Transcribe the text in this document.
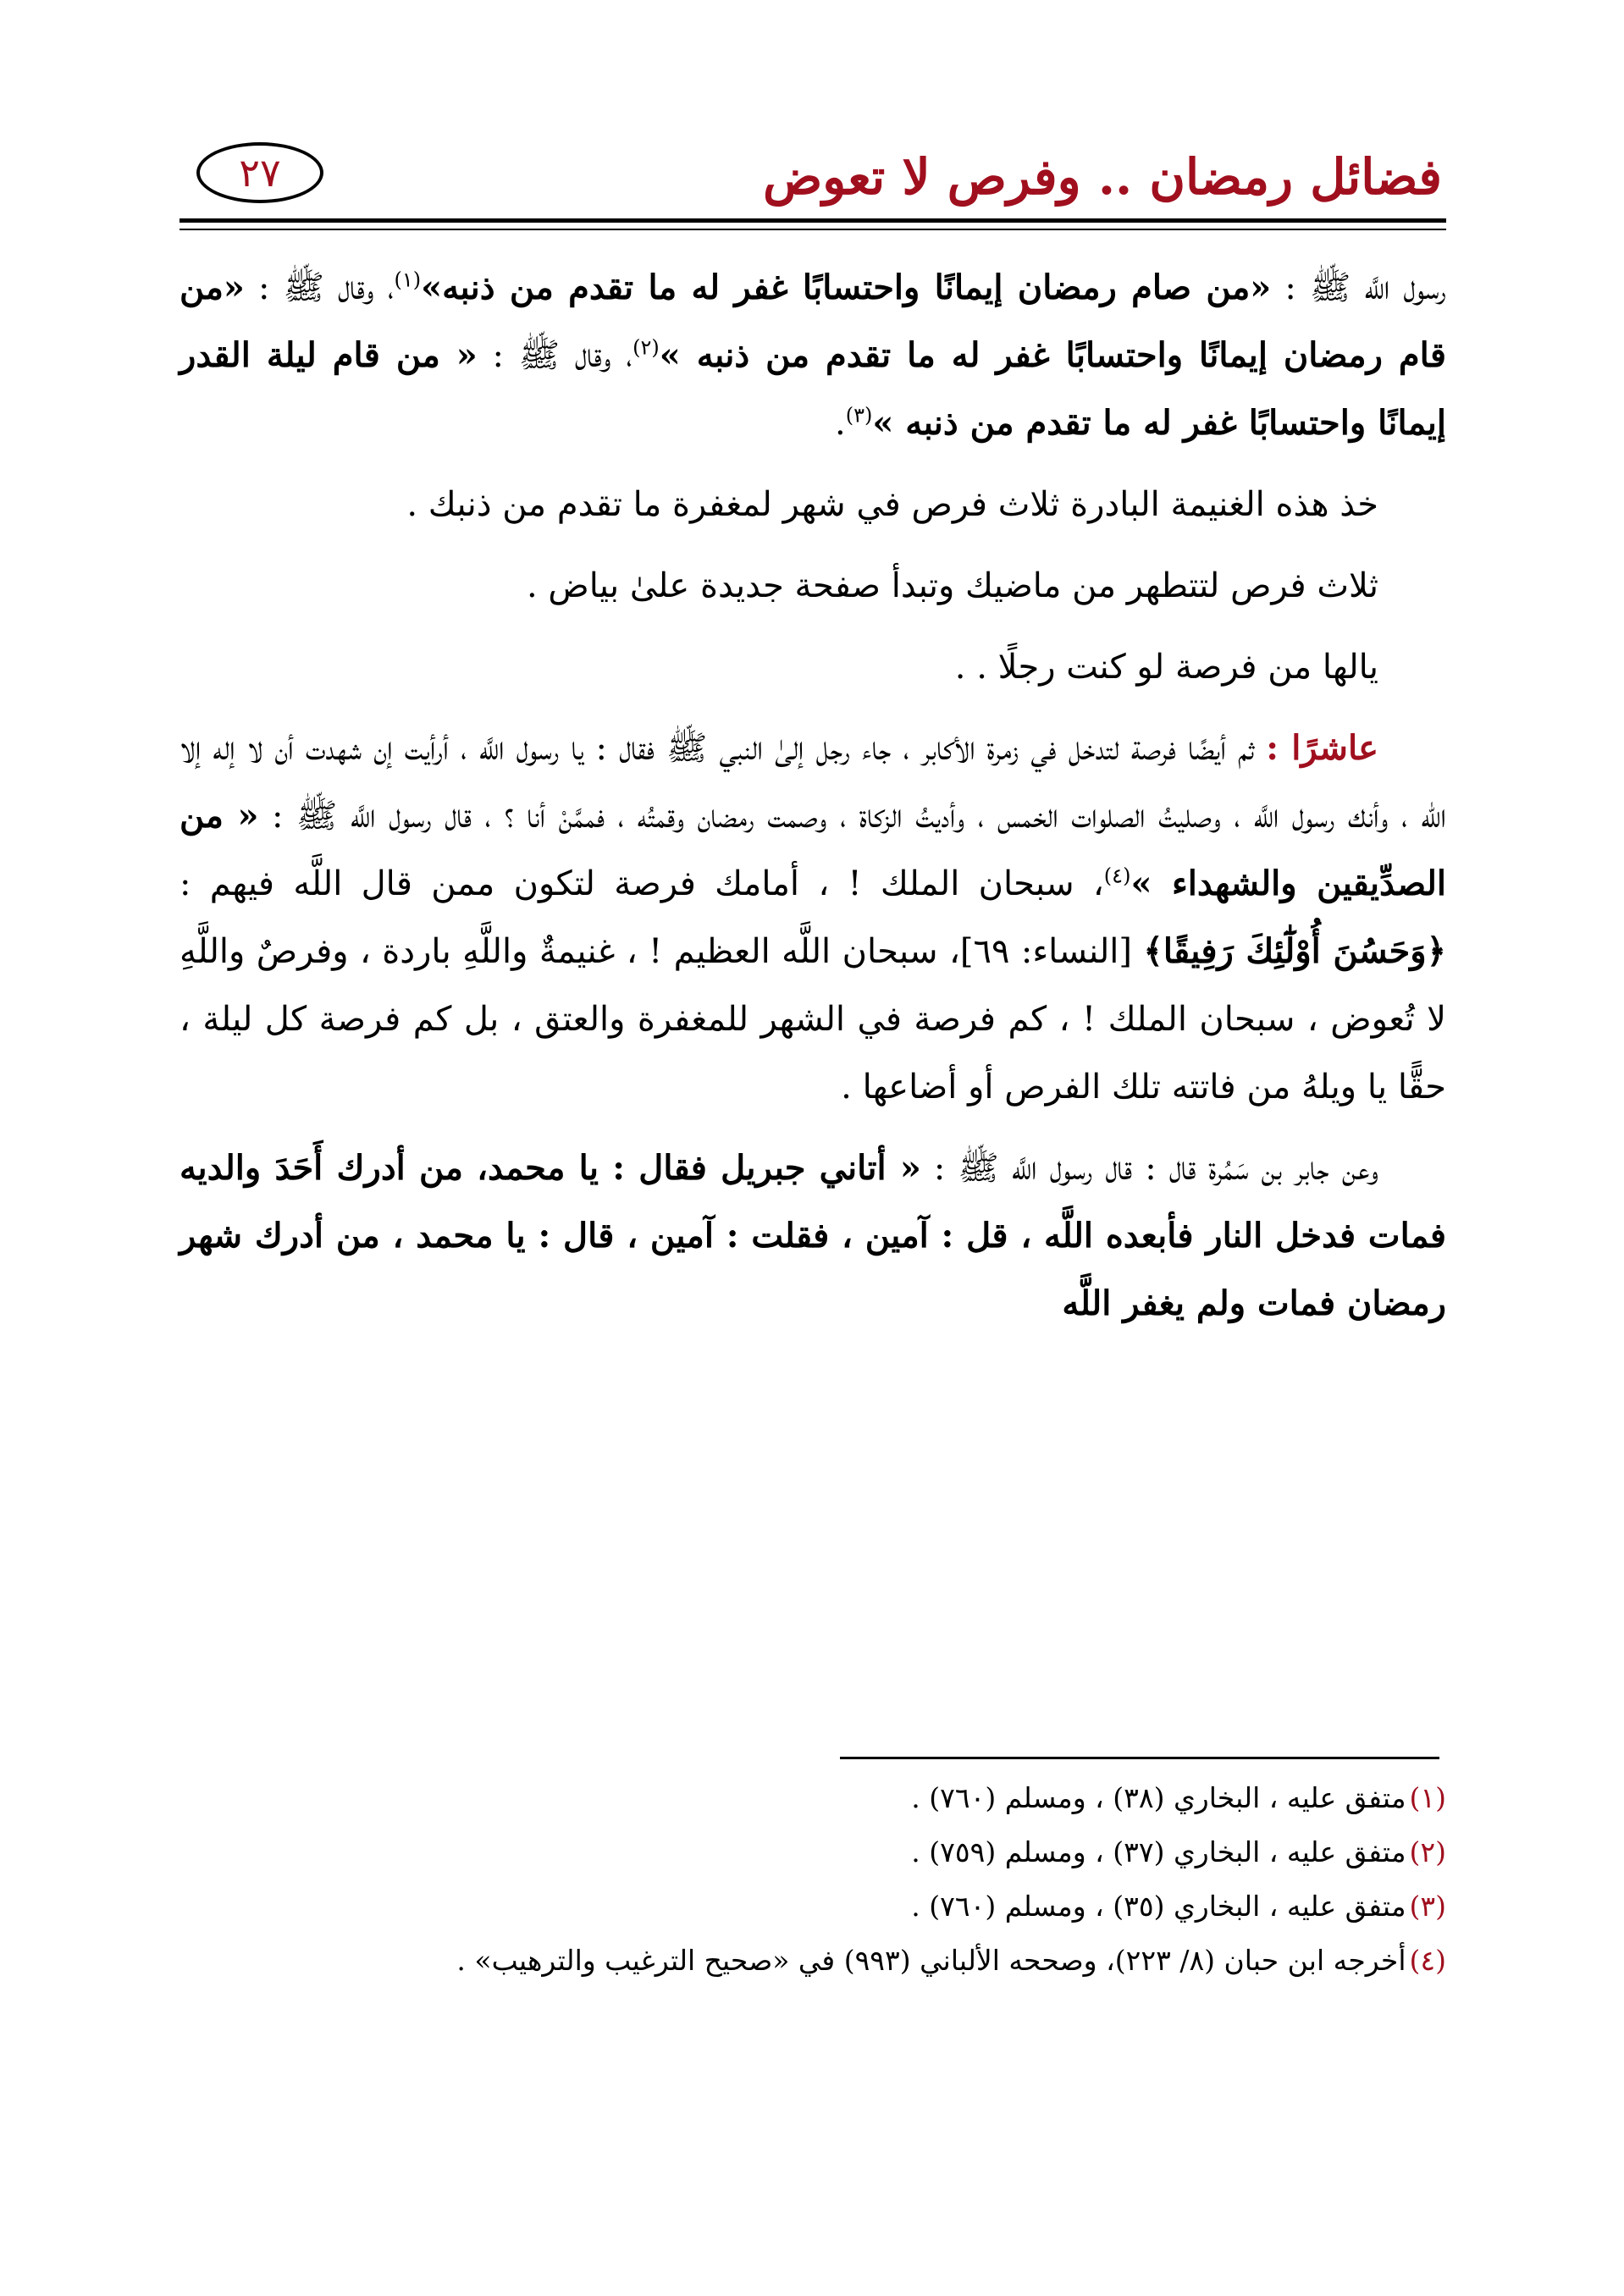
فضائل رمضان .. وفرص لا تعوض
٢٧

رسول اللَّه ﷺ : «من صام رمضان إيمانًا واحتسابًا غفر له ما تقدم من ذنبه»$^{(١)}$، وقال ﷺ : «من قام رمضان إيمانًا واحتسابًا غفر له ما تقدم من ذنبه »$^{(٢)}$، وقال ﷺ : « من قام ليلة القدر إيمانًا واحتسابًا غفر له ما تقدم من ذنبه »$^{(٣)}$.

خذ هذه الغنيمة البادرة ثلاث فرص في شهر لمغفرة ما تقدم من ذنبك .

ثلاث فرص لتتطهر من ماضيك وتبدأ صفحة جديدة علىٰ بياض .

يالها من فرصة لو كنت رجلًا . .

عاشرًا : ثم أيضًا فرصة لتدخل في زمرة الأكابر ، جاء رجل إلىٰ النبي ﷺ فقال : يا رسول اللَّه ، أرأيت إن شهدت أن لا إله إلا الله ، وأنك رسول اللَّه ، وصليتُ الصلوات الخمس ، وأديتُ الزكاة ، وصمت رمضان وقمتُه ، فممَّنْ أنا ؟ ، قال رسول اللَّه ﷺ : « من الصدِّيقين والشهداء »$^{(٤)}$، سبحان الملك ! ، أمامك فرصة لتكون ممن قال اللَّه فيهم : ﴿وَحَسُنَ أُوْلَٰٓئِكَ رَفِيقًا﴾ [النساء: ٦٩]، سبحان اللَّه العظيم ! ، غنيمةٌ واللَّهِ باردة ، وفرصٌ واللَّهِ لا تُعوض ، سبحان الملك ! ، كم فرصة في الشهر للمغفرة والعتق ، بل كم فرصة كل ليلة ، حقًّا يا ويلهُ من فاتته تلك الفرص أو أضاعها .

وعن جابر بن سَمُرة قال : قال رسول اللَّه ﷺ : « أتاني جبريل فقال : يا محمد، من أدرك أَحَدَ والديه فمات فدخل النار فأبعده اللَّه ، قل : آمين ، فقلت : آمين ، قال : يا محمد ، من أدرك شهر رمضان فمات ولم يغفر اللَّه

(١)متفق عليه ، البخاري (٣٨) ، ومسلم (٧٦٠) .

(٢)متفق عليه ، البخاري (٣٧) ، ومسلم (٧٥٩) .

(٣)متفق عليه ، البخاري (٣٥) ، ومسلم (٧٦٠) .

(٤)أخرجه ابن حبان (٨/ ٢٢٣)، وصححه الألباني (٩٩٣) في «صحيح الترغيب والترهيب» .
